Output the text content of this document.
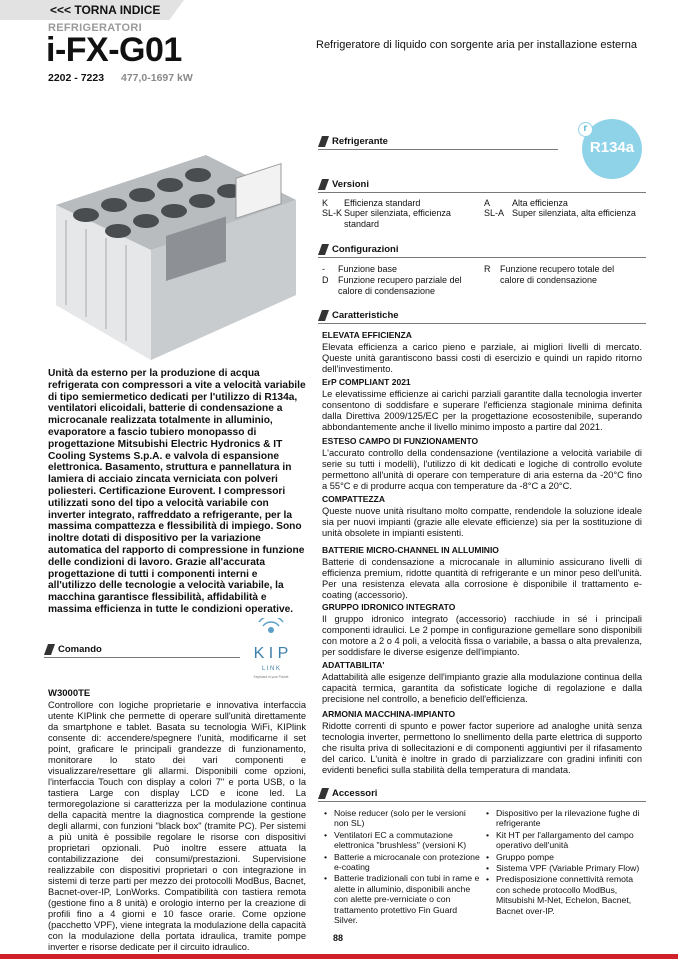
<<< TORNA INDICE
REFRIGERATORI
i-FX-G01
2202 - 7223 477,0-1697 kW
Refrigeratore di liquido con sorgente aria per installazione esterna
r
R134a
Refrigerante
Versioni
K Efficienza standard
SL-K Super silenziata, efficienza standard
A Alta efficienza
SL-A Super silenziata, alta efficienza
Configurazioni
- Funzione base
D Funzione recupero parziale del calore di condensazione
R Funzione recupero totale del calore di condensazione
Caratteristiche
ELEVATA EFFICIENZA
Elevata efficienza a carico pieno e parziale, ai migliori livelli di mercato. Queste unità garantiscono bassi costi di esercizio e quindi un rapido ritorno dell'investimento.
ErP COMPLIANT 2021
Le elevatissime efficienze ai carichi parziali garantite dalla tecnologia inverter consentono di soddisfare e superare l'efficienza stagionale minima definita dalla Direttiva 2009/125/EC per la progettazione ecosostenibile, superando abbondantemente anche il livello minimo imposto a partire dal 2021.
ESTESO CAMPO DI FUNZIONAMENTO
L'accurato controllo della condensazione (ventilazione a velocità variabile di serie su tutti i modelli), l'utilizzo di kit dedicati e logiche di controllo evolute permettono all'unità di operare con temperature di aria esterna da -20°C fino a 55°C e di produrre acqua con temperature da -8°C a 20°C.
COMPATTEZZA
Queste nuove unità risultano molto compatte, rendendole la soluzione ideale sia per nuovi impianti (grazie alle elevate efficienze) sia per la sostituzione di unità obsolete in impianti esistenti.
BATTERIE MICRO-CHANNEL IN ALLUMINIO
Batterie di condensazione a microcanale in alluminio assicurano livelli di efficienza premium, ridotte quantità di refrigerante e un minor peso dell'unità. Per una resistenza elevata alla corrosione è disponibile il trattamento e-coating (accessorio).
GRUPPO IDRONICO INTEGRATO
Il gruppo idronico integrato (accessorio) racchiude in sé i principali componenti idraulici. Le 2 pompe in configurazione gemellare sono disponibili con motore a 2 o 4 poli, a velocità fissa o variabile, a bassa o alta prevalenza, per soddisfare le diverse esigenze dell'impianto.
ADATTABILITA'
Adattabilità alle esigenze dell'impianto grazie alla modulazione continua della capacità termica, garantita da sofisticate logiche di regolazione e dalla precisione nel controllo, a beneficio dell'efficienza.
ARMONIA MACCHINA-IMPIANTO
Ridotte correnti di spunto e power factor superiore ad analoghe unità senza tecnologia inverter, permettono lo snellimento della parte elettrica di supporto che risulta priva di sollecitazioni e di componenti aggiuntivi per il rifasamento del carico. L'unità è inoltre in grado di parzializzare con gradini infiniti con evidenti benefici sulla stabilità della temperatura di mandata.
Unità da esterno per la produzione di acqua refrigerata con compressori a vite a velocità variabile di tipo semiermetico dedicati per l'utilizzo di R134a, ventilatori elicoidali, batterie di condensazione a microcanale realizzata totalmente in alluminio, evaporatore a fascio tubiero monopasso di progettazione Mitsubishi Electric Hydronics & IT Cooling Systems S.p.A. e valvola di espansione elettronica. Basamento, struttura e pannellatura in lamiera di acciaio zincata verniciata con polveri poliesteri. Certificazione Eurovent. I compressori utilizzati sono del tipo a velocità variabile con inverter integrato, raffreddato a refrigerante, per la massima compattezza e flessibilità di impiego. Sono inoltre dotati di dispositivo per la variazione automatica del rapporto di compressione in funzione delle condizioni di lavoro. Grazie all'accurata progettazione di tutti i componenti interni e all'utilizzo delle tecnologie a velocità variabile, la macchina garantisce flessibilità, affidabilità e massima efficienza in tutte le condizioni operative.
Comando	K I P
L I N K
Keyboard in your Pocket
W3000TE
Controllore con logiche proprietarie e innovativa interfaccia utente KIPlink che permette di operare sull'unità direttamente da smartphone e tablet. Basata su tecnologia WiFi, KIPlink consente di: accendere/spegnere l'unità, modificarne il set point, graficare le principali grandezze di funzionamento, monitorare lo stato dei vari componenti e visualizzare/resettare gli allarmi. Disponibili come opzioni, l'interfaccia Touch con display a colori 7" e porta USB, o la tastiera Large con display LCD e icone led. La termoregolazione si caratterizza per la modulazione continua della capacità mentre la diagnostica comprende la gestione degli allarmi, con funzioni "black box" (tramite PC). Per sistemi a più unità è possibile regolare le risorse con dispositivi proprietari opzionali. Può inoltre essere attuata la contabilizzazione dei consumi/prestazioni. Supervisione realizzabile con dispositivi proprietari o con integrazione in sistemi di terze parti per mezzo dei protocolli ModBus, Bacnet, Bacnet-over-IP, LonWorks. Compatibilità con tastiera remota (gestione fino a 8 unità) e orologio interno per la creazione di profili fino a 4 giorni e 10 fasce orarie. Come opzione (pacchetto VPF), viene integrata la modulazione della capacità con la modulazione della portata idraulica, tramite pompe inverter e risorse dedicate per il circuito idraulico.
Accessori
• Noise reducer (solo per le versioni non SL)
• Ventilatori EC a commutazione elettronica "brushless" (versioni K)
• Batterie a microcanale con protezione e-coating
• Batterie tradizionali con tubi in rame e alette in alluminio, disponibili anche con alette pre-verniciate o con trattamento protettivo Fin Guard Silver.
• Dispositivo per la rilevazione fughe di refrigerante
• Kit HT per l'allargamento del campo operativo dell'unità
• Gruppo pompe
• Sistema VPF (Variable Primary Flow)
• Predisposizione connettività remota con schede protocollo ModBus, Mitsubishi M-Net, Echelon, Bacnet, Bacnet over-IP.
88
